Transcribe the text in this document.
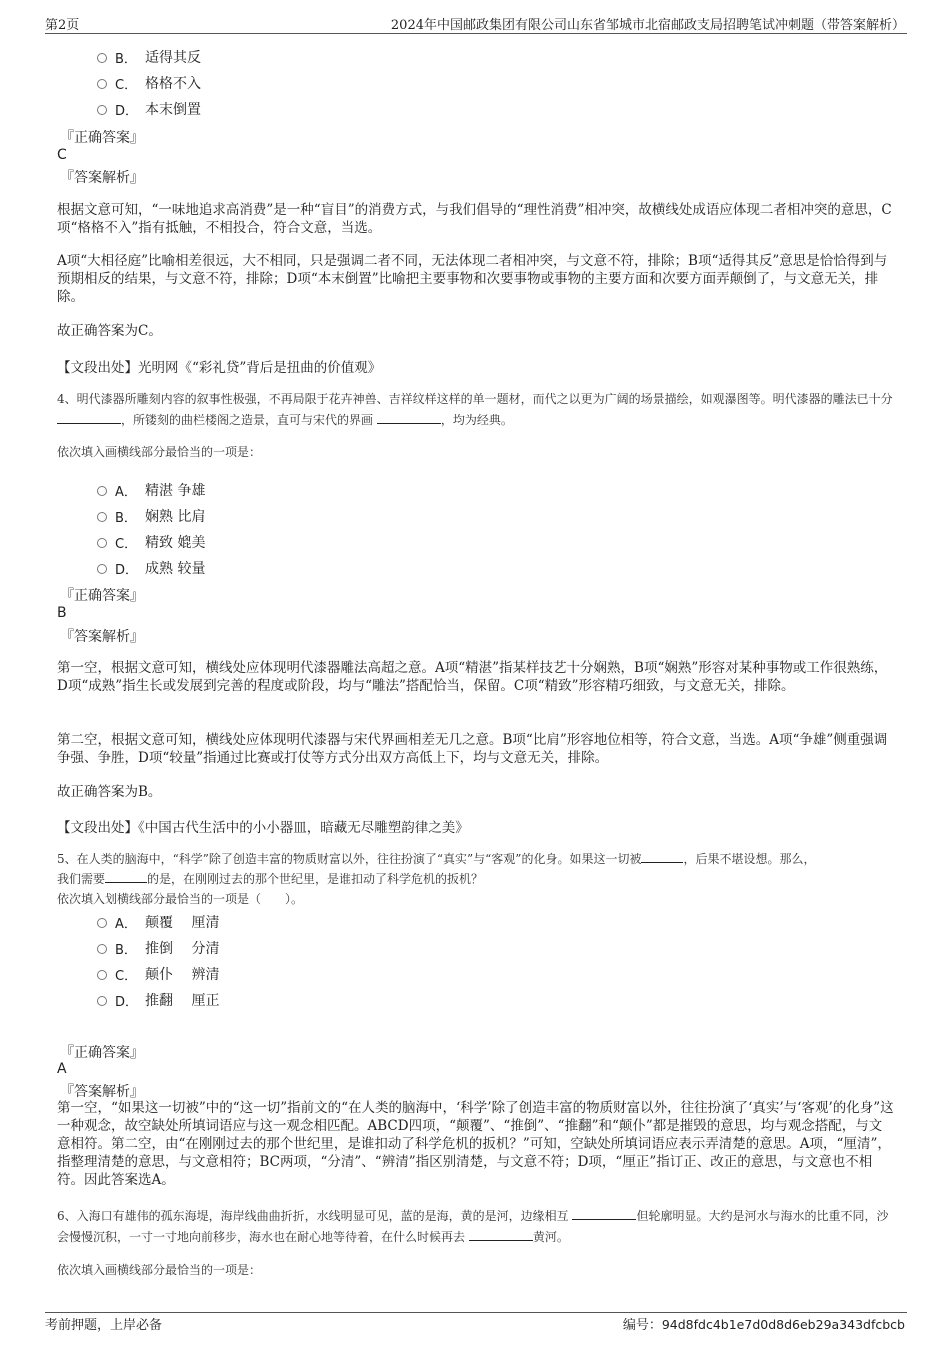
第2页	2024年中国邮政集团有限公司山东省邹城市北宿邮政支局招聘笔试冲刺题（带答案解析）
B． 适得其反
C． 格格不入
D． 本末倒置
『正确答案』
C
『答案解析』
根据文意可知，“一味地追求高消费”是一种“盲目”的消费方式，与我们倡导的“理性消费”相冲突，故横线处成语应体现二者相冲突的意思，C项“格格不入”指有抵触，不相投合，符合文意，当选。
A项“大相径庭”比喻相差很远，大不相同，只是强调二者不同，无法体现二者相冲突，与文意不符，排除；B项“适得其反”意思是恰恰得到与预期相反的结果，与文意不符，排除；D项“本末倒置”比喻把主要事物和次要事物或事物的主要方面和次要方面弄颠倒了，与文意无关，排除。
故正确答案为C。
【文段出处】光明网《“彩礼贷”背后是扭曲的价值观》
4、明代漆器所雕刻内容的叙事性极强，不再局限于花卉神兽、吉祥纹样这样的单一题材，而代之以更为广阔的场景描绘，如观瀑图等。明代漆器的雕法已十分 ，所镂刻的曲栏楼阁之造景，直可与宋代的界画	，均为经典。
依次填入画横线部分最恰当的一项是：
A． 精湛 争雄
B． 娴熟 比肩
C． 精致 媲美
D． 成熟 较量
『正确答案』
B
『答案解析』
第一空，根据文意可知，横线处应体现明代漆器雕法高超之意。A项“精湛”指某样技艺十分娴熟，B项“娴熟”形容对某种事物或工作很熟练，D项“成熟”指生长或发展到完善的程度或阶段，均与“雕法”搭配恰当，保留。C项“精致”形容精巧细致，与文意无关，排除。
第二空，根据文意可知，横线处应体现明代漆器与宋代界画相差无几之意。B项“比肩”形容地位相等，符合文意，当选。A项“争雄”侧重强调争强、争胜，D项“较量”指通过比赛或打仗等方式分出双方高低上下，均与文意无关，排除。
故正确答案为B。
【文段出处】《中国古代生活中的小小器皿，暗藏无尽雕塑韵律之美》
5、在人类的脑海中，“科学”除了创造丰富的物质财富以外，往往扮演了“真实”与“客观”的化身。如果这一切被	，后果不堪设想。那么，
我们需要	的是，在刚刚过去的那个世纪里，是谁扣动了科学危机的扳机？
依次填入划横线部分最恰当的一项是（　　）。
A． 颠覆　 厘清
B． 推倒　 分清
C． 颠仆　 辨清
D． 推翻　 厘正
『正确答案』
A
『答案解析』
第一空，“如果这一切被”中的“这一切”指前文的“在人类的脑海中，‘科学’除了创造丰富的物质财富以外，往往扮演了‘真实’与‘客观’的化身”这一种观念，故空缺处所填词语应与这一观念相匹配。ABCD四项，“颠覆”、“推倒”、“推翻”和“颠仆”都是摧毁的意思，均与观念搭配，与文意相符。第二空，由“在刚刚过去的那个世纪里，是谁扣动了科学危机的扳机？”可知，空缺处所填词语应表示弄清楚的意思。A项，“厘清”，指整理清楚的意思，与文意相符；BC两项，“分清”、“辨清”指区别清楚，与文意不符；D项，“厘正”指订正、改正的意思，与文意也不相符。因此答案选A。
6、入海口有雄伟的孤东海堤，海岸线曲曲折折，水线明显可见，蓝的是海，黄的是河，边缘相互	但轮廓明显。大约是河水与海水的比重不同，沙会慢慢沉积，一寸一寸地向前移步，海水也在耐心地等待着，在什么时候再去	黄河。
依次填入画横线部分最恰当的一项是：
考前押题，上岸必备	编号：94d8fdc4b1e7d0d8d6eb29a343dfcbcb
